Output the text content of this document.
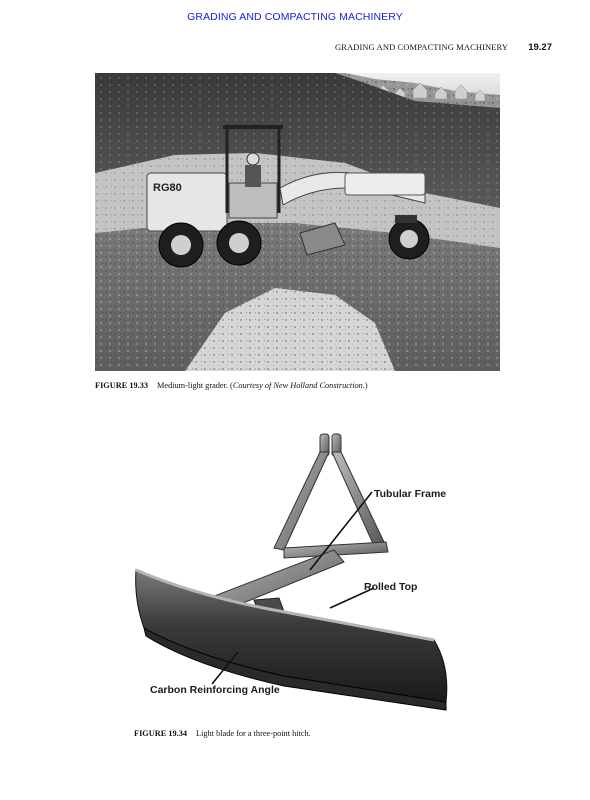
GRADING AND COMPACTING MACHINERY
GRADING AND COMPACTING MACHINERY 19.27
RG80
FIGURE 19.33 Medium-light grader. (Courtesy of New Holland Construction.)
Tubular Frame
Rolled Top
Carbon Reinforcing Angle
FIGURE 19.34 Light blade for a three-point hitch.
